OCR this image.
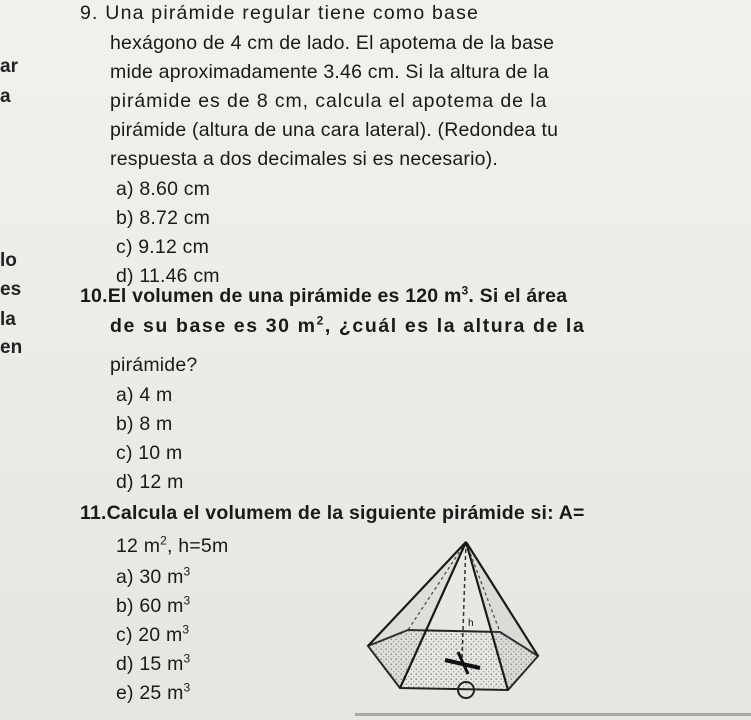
ar
a
lo
es
la
en
9. Una pirámide regular tiene como base
hexágono de 4 cm de lado. El apotema de la base
mide aproximadamente 3.46 cm. Si la altura de la
pirámide es de 8 cm, calcula el apotema de la
pirámide (altura de una cara lateral). (Redondea tu
respuesta a dos decimales si es necesario).
a) 8.60 cm
b) 8.72 cm
c) 9.12 cm
d) 11.46 cm
10.El volumen de una pirámide es 120 $m^3$. Si el área
de su base es 30 $m^2$, ¿cuál es la altura de la
pirámide?
a) 4 m
b) 8 m
c) 10 m
d) 12 m
11.Calcula el volumem de la siguiente pirámide si: A=
12 $m^2$, h=5m
a) 30 $m^3$
b) 60 $m^3$
c) 20 $m^3$
d) 15 $m^3$
e) 25 $m^3$
h
